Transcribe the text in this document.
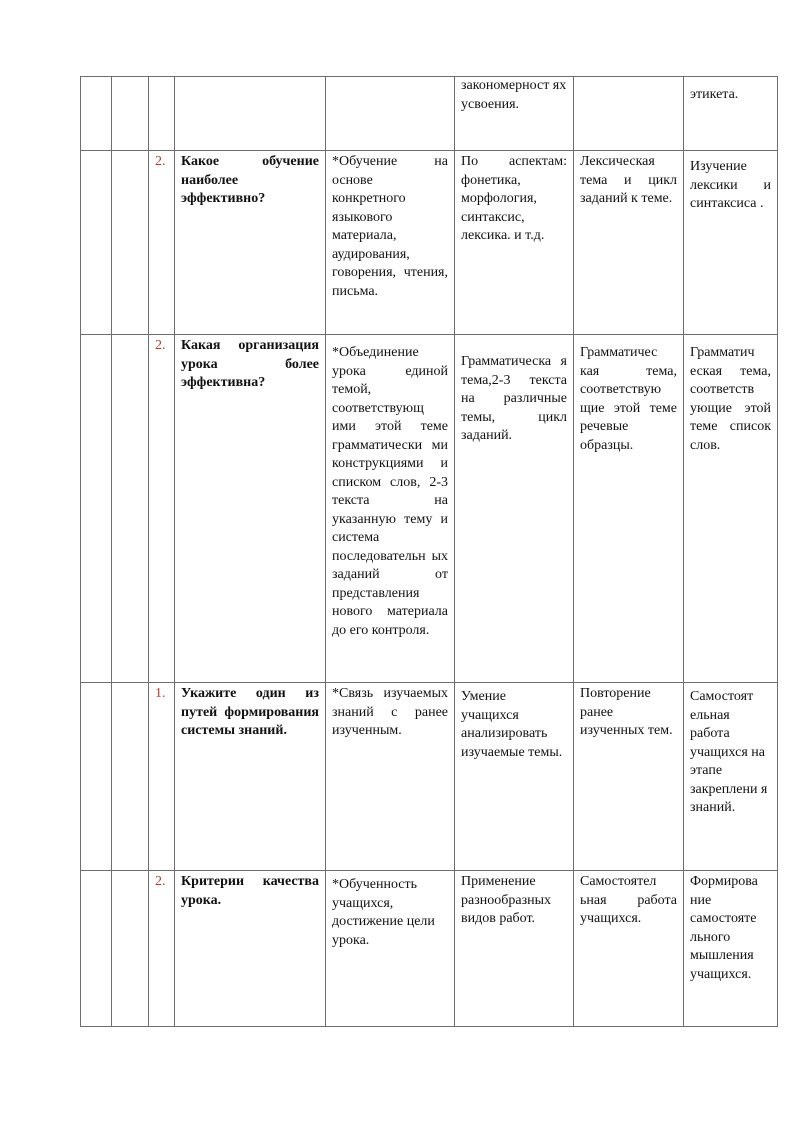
					закономерност ях усвоения.		этикета.
		2.	Какое обучение наиболее эффективно?	*Обучение на основе конкретного языкового материала, аудирования, говорения, чтения, письма.	По аспектам: фонетика, морфология, синтаксис, лексика. и т.д.	Лексическая тема и цикл заданий к теме.	Изучение лексики и синтаксиса .
		2.	Какая организация урока более эффективна?	*Объединение урока единой темой, соответствующ ими этой теме грамматически ми конструкциями и списком слов, 2-3 текста на указанную тему и система последовательн ых заданий от представления нового материала до его контроля.	Грамматическа я тема,2-3 текста на различные темы, цикл заданий.	Грамматичес кая тема, соответствую щие этой теме речевые образцы.	Грамматич еская тема, соответств ующие этой теме список слов.
		1.	Укажите один из путей формирования системы знаний.	*Связь изучаемых знаний с ранее изученным.	Умение учащихся анализировать изучаемые темы.	Повторение ранее изученных тем.	Самостоят ельная работа учащихся на этапе закреплени я знаний.
		2.	Критерии качества урока.	*Обученность учащихся, достижение цели урока.	Применение разнообразных видов работ.	Самостоятел ьная работа учащихся.	Формирова ние самостояте льного мышления учащихся.
